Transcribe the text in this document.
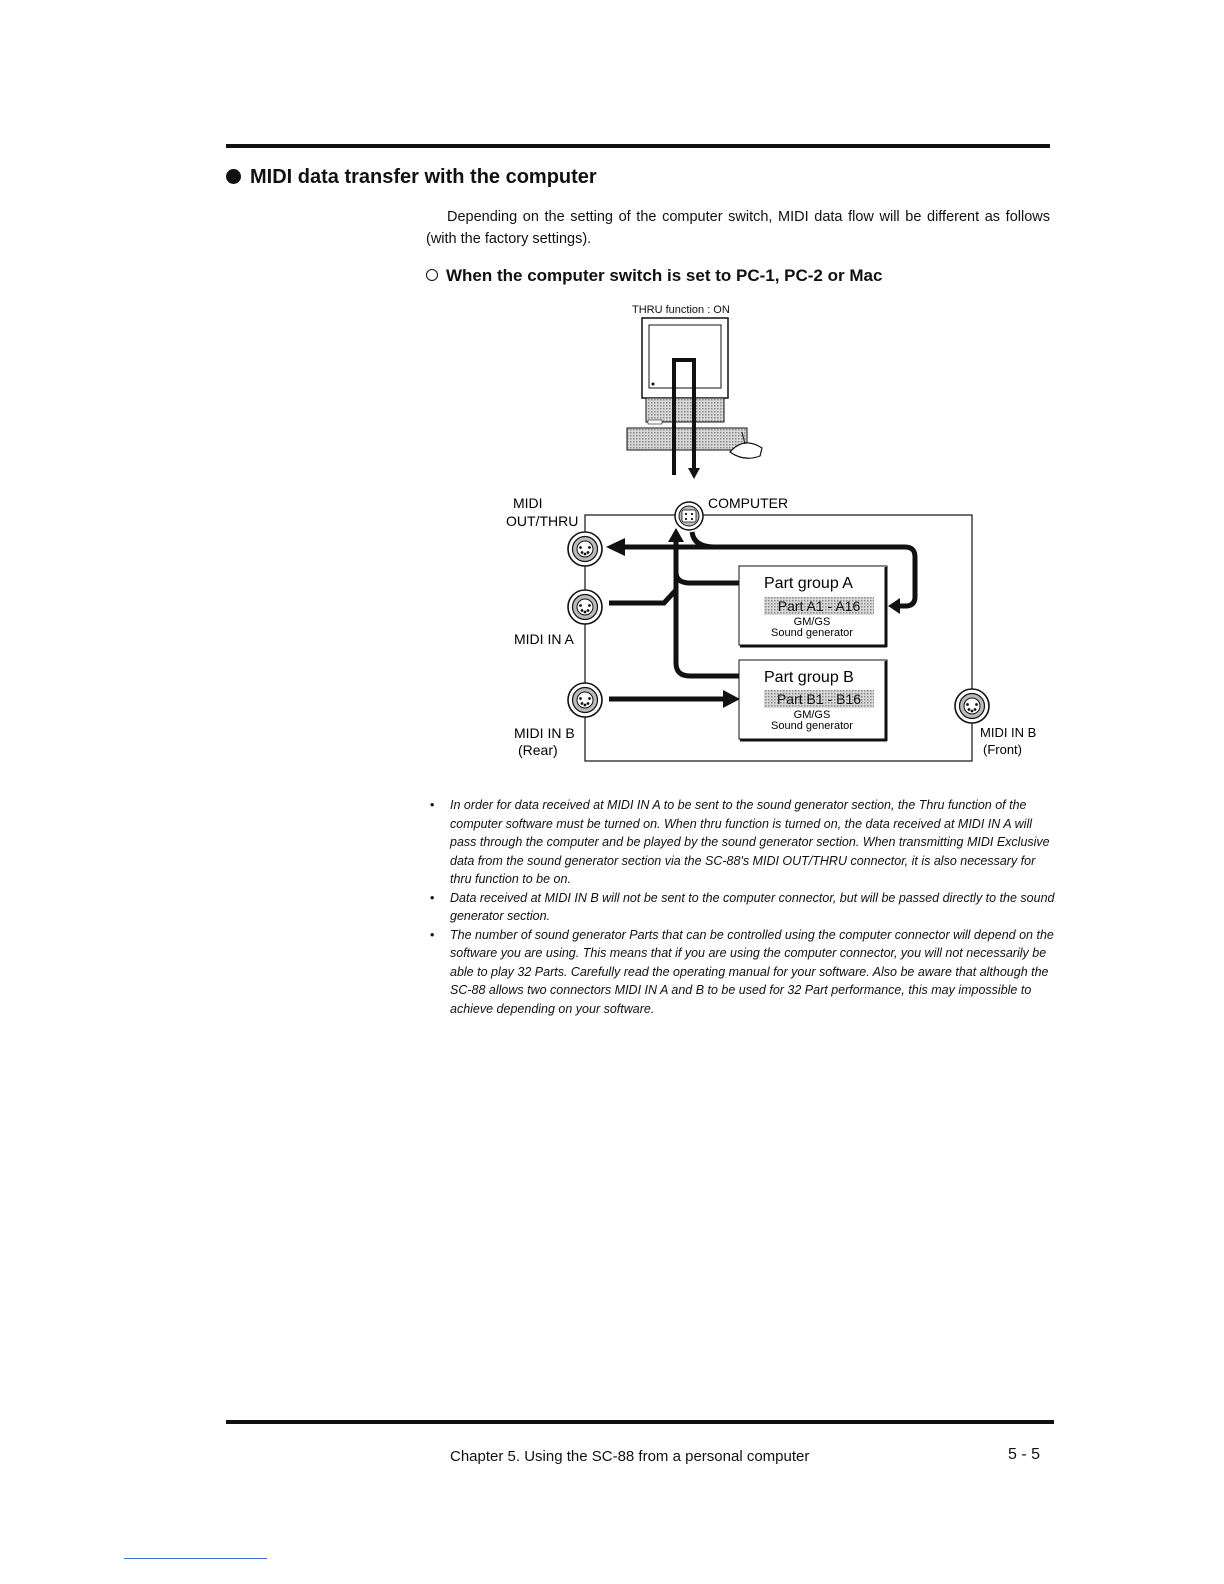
MIDI data transfer with the computer

Depending on the setting of the computer switch, MIDI data flow will be different as follows (with the factory settings).

When the computer switch is set to PC-1, PC-2 or Mac
THRU function : ON
MIDI
OUT/THRU
COMPUTER
MIDI IN A
MIDI IN B
(Rear)
MIDI IN B
(Front)
Part group A
Part A1 - A16
GM/GS
Sound generator
Part group B
Part B1 - B16
GM/GS
Sound generator
• In order for data received at MIDI IN A to be sent to the sound generator section, the Thru function of the computer software must be turned on. When thru function is turned on, the data received at MIDI IN A will pass through the computer and be played by the sound generator section. When transmitting MIDI Exclusive data from the sound generator section via the SC-88's MIDI OUT/THRU connector, it is also necessary for thru function to be on.
• Data received at MIDI IN B will not be sent to the computer connector, but will be passed directly to the sound generator section.
• The number of sound generator Parts that can be controlled using the computer connector will depend on the software you are using. This means that if you are using the computer connector, you will not necessarily be able to play 32 Parts. Carefully read the operating manual for your software. Also be aware that although the SC-88 allows two connectors MIDI IN A and B to be used for 32 Part performance, this may impossible to achieve depending on your software.
Chapter 5. Using the SC-88 from a personal computer	5 - 5
